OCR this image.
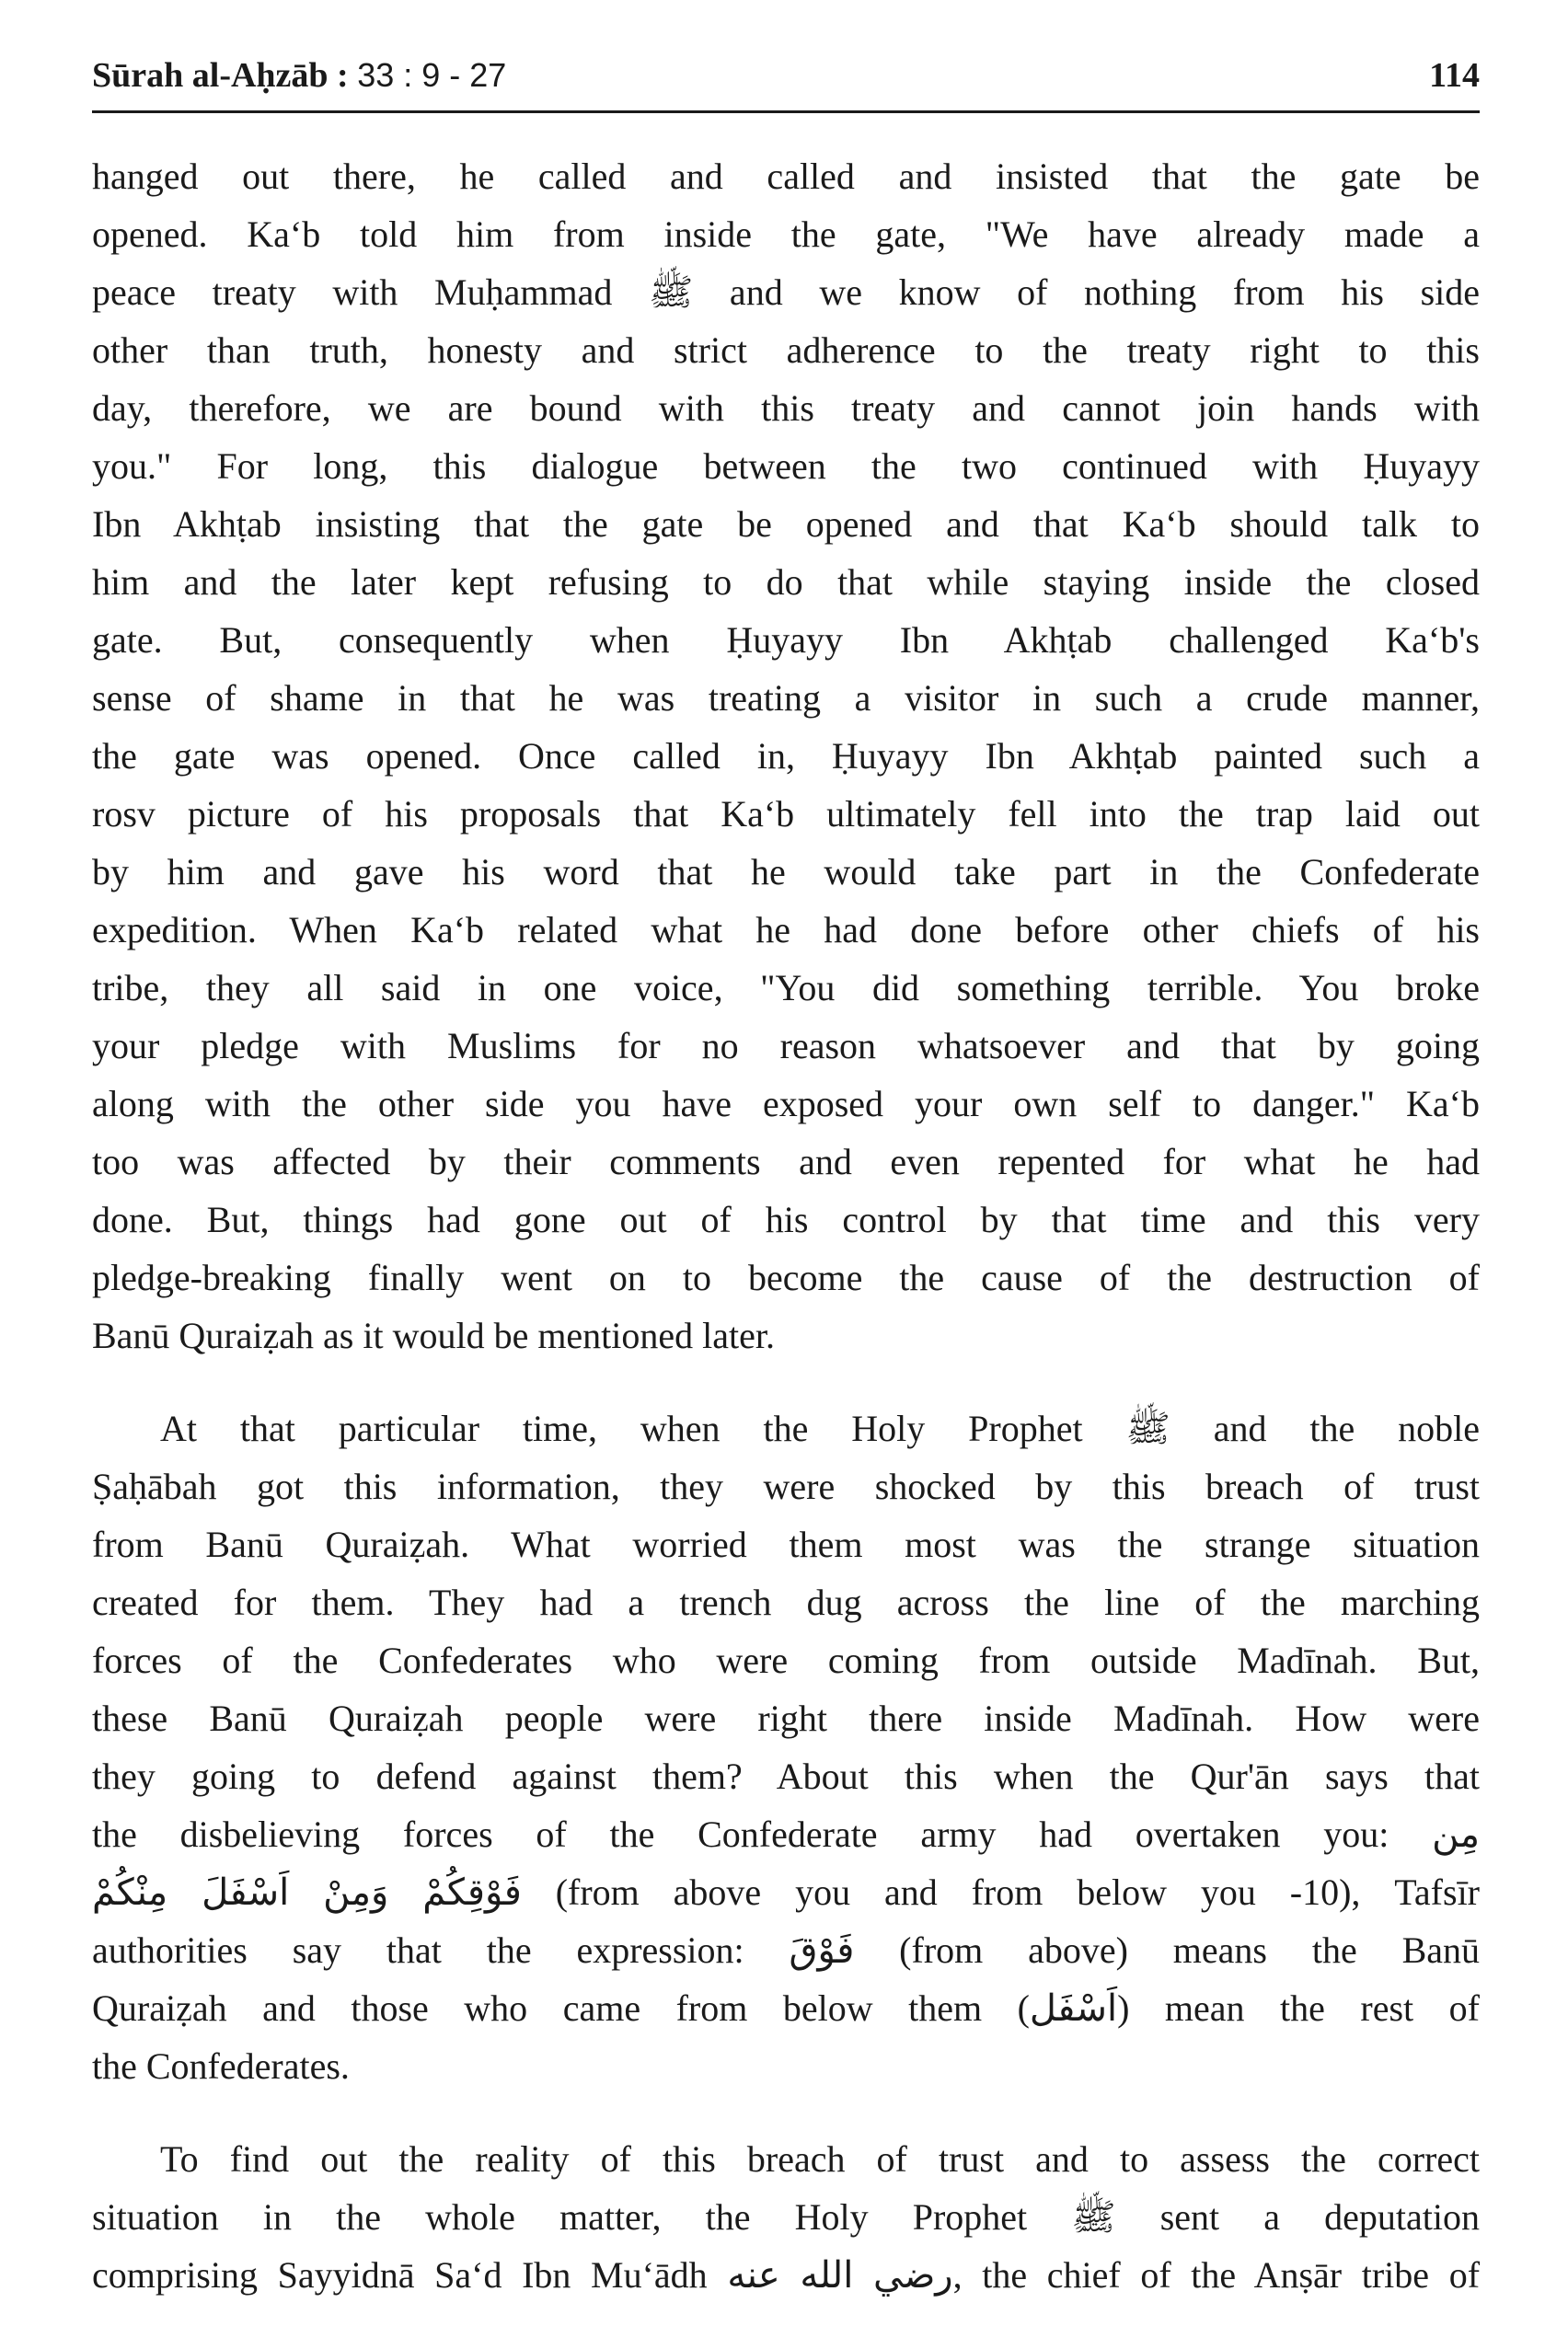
Sūrah al-Aḥzāb : 33 : 9 - 27	114
hanged out there, he called and called and insisted that the gate be
opened. Ka‘b told him from inside the gate, "We have already made a
peace treaty with Muḥammad ﷺ and we know of nothing from his side
other than truth, honesty and strict adherence to the treaty right to this
day, therefore, we are bound with this treaty and cannot join hands with
you." For long, this dialogue between the two continued with Ḥuyayy
Ibn Akhṭab insisting that the gate be opened and that Ka‘b should talk to
him and the later kept refusing to do that while staying inside the closed
gate. But, consequently when Ḥuyayy Ibn Akhṭab challenged Ka‘b's
sense of shame in that he was treating a visitor in such a crude manner,
the gate was opened. Once called in, Ḥuyayy Ibn Akhṭab painted such a
rosv picture of his proposals that Ka‘b ultimately fell into the trap laid out
by him and gave his word that he would take part in the Confederate
expedition. When Ka‘b related what he had done before other chiefs of his
tribe, they all said in one voice, "You did something terrible. You broke
your pledge with Muslims for no reason whatsoever and that by going
along with the other side you have exposed your own self to danger." Ka‘b
too was affected by their comments and even repented for what he had
done. But, things had gone out of his control by that time and this very
pledge-breaking finally went on to become the cause of the destruction of
Banū Quraiẓah as it would be mentioned later.
At that particular time, when the Holy Prophet ﷺ and the noble
Ṣaḥābah got this information, they were shocked by this breach of trust
from Banū Quraiẓah. What worried them most was the strange situation
created for them. They had a trench dug across the line of the marching
forces of the Confederates who were coming from outside Madīnah. But,
these Banū Quraiẓah people were right there inside Madīnah. How were
they going to defend against them? About this when the Qur'ān says that
the disbelieving forces of the Confederate army had overtaken you: مِن
فَوْقِكُمْ وَمِنْ اَسْفَلَ مِنْكُمْ (from above you and from below you -10), Tafsīr
authorities say that the expression: فَوْقَ (from above) means the Banū
Quraiẓah and those who came from below them (اَسْفَل) mean the rest of
the Confederates.
To find out the reality of this breach of trust and to assess the correct
situation in the whole matter, the Holy Prophet ﷺ sent a deputation
comprising Sayyidnā Sa‘d Ibn Mu‘ādh رضي الله عنه, the chief of the Anṣār tribe of
